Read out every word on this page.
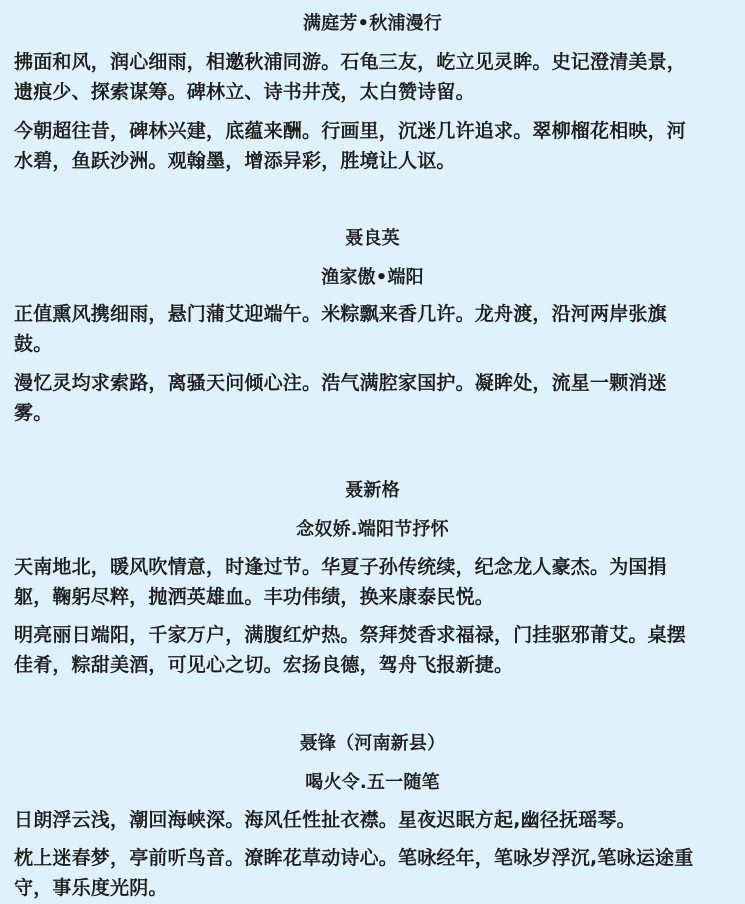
满庭芳•秋浦漫行

拂面和风，润心细雨，相邀秋浦同游。石龟三友，屹立见灵眸。史记澄清美景，

遗痕少、探索谋筹。碑林立、诗书井茂，太白赞诗留。

今朝超往昔，碑林兴建，底蕴来酬。行画里，沉迷几许追求。翠柳榴花相映，河

水碧，鱼跃沙洲。观翰墨，增添异彩，胜境让人讴。

聂良英

渔家傲•端阳

正值熏风携细雨，悬门蒲艾迎端午。米粽飘来香几许。龙舟渡，沿河两岸张旗

鼓。

漫忆灵均求索路，离骚天问倾心注。浩气满腔家国护。凝眸处，流星一颗消迷

雾。

聂新格

念奴娇.端阳节抒怀

天南地北，暖风吹情意，时逢过节。华夏子孙传统续，纪念龙人豪杰。为国捐

躯，鞠躬尽粹，抛洒英雄血。丰功伟绩，换来康泰民悦。

明亮丽日端阳，千家万户，满腹红炉热。祭拜焚香求福禄，门挂驱邪莆艾。桌摆

佳肴，粽甜美酒，可见心之切。宏扬良德，驾舟飞报新捷。

聂锋（河南新县）

喝火令.五一随笔

日朗浮云浅，潮回海峡深。海风任性扯衣襟。星夜迟眠方起,幽径抚瑶琴。

枕上迷春梦，亭前听鸟音。潦眸花草动诗心。笔咏经年，笔咏岁浮沉,笔咏运途重

守，事乐度光阴。
